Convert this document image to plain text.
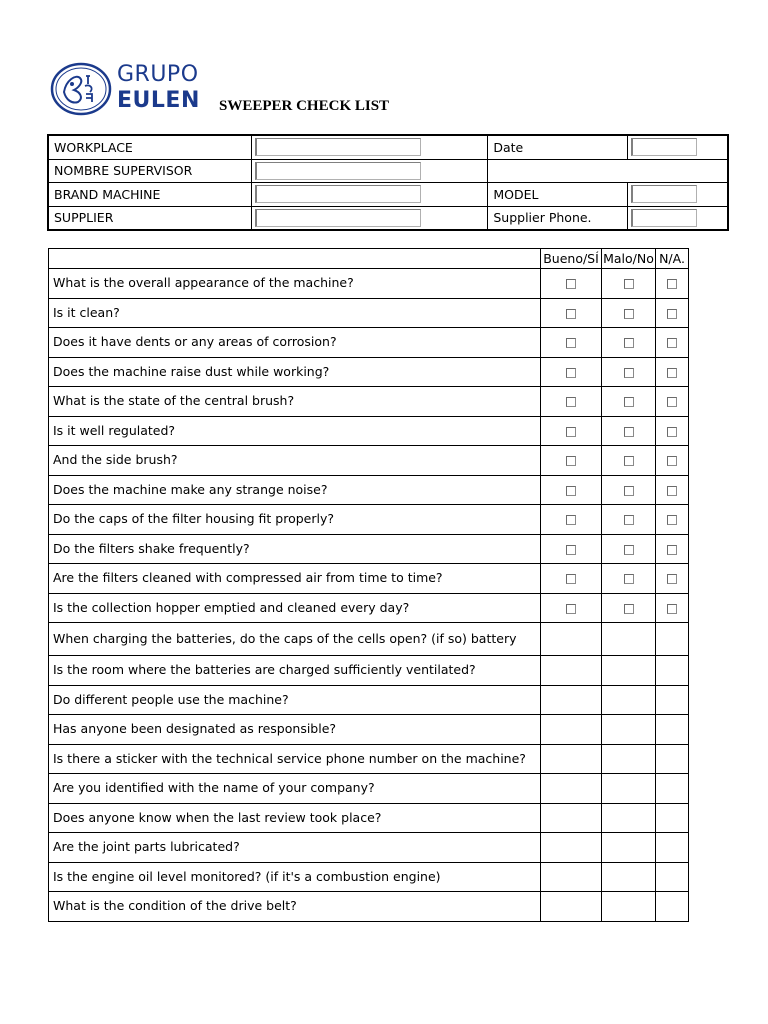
GRUPO
EULEN SWEEPER CHECK LIST
WORKPLACE		Date	

NOMBRE SUPERVISOR		

BRAND MACHINE		MODEL	

SUPPLIER		Supplier Phone.	
	Bueno/SÍ	Malo/No	N/A.
What is the overall appearance of the machine?			
Is it clean?			
Does it have dents or any areas of corrosion?			
Does the machine raise dust while working?			
What is the state of the central brush?			
Is it well regulated?			
And the side brush?			
Does the machine make any strange noise?			
Do the caps of the filter housing fit properly?			
Do the filters shake frequently?			
Are the filters cleaned with compressed air from time to time?			
Is the collection hopper emptied and cleaned every day?			
When charging the batteries, do the caps of the cells open? (if so) battery			
Is the room where the batteries are charged sufficiently ventilated?			
Do different people use the machine?			
Has anyone been designated as responsible?			
Is there a sticker with the technical service phone number on the machine?			
Are you identified with the name of your company?			
Does anyone know when the last review took place?			
Are the joint parts lubricated?			
Is the engine oil level monitored? (if it's a combustion engine)			
What is the condition of the drive belt?			
